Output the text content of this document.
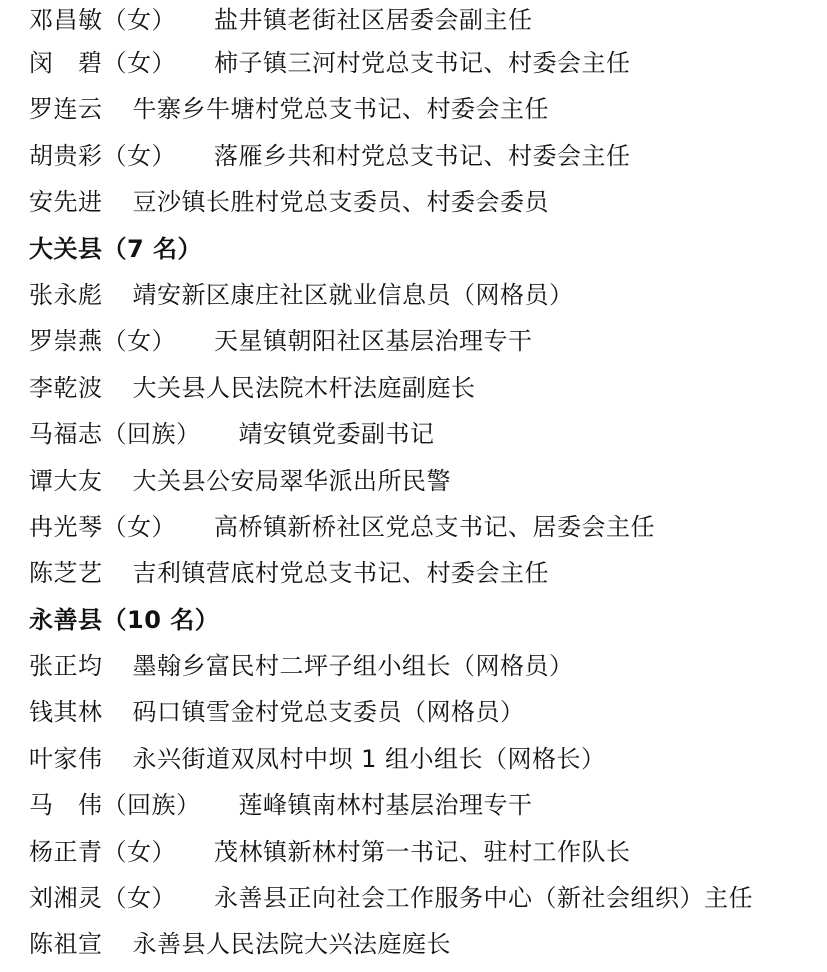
邓昌敏（女） 盐井镇老街社区居委会副主任
闵　碧（女） 柿子镇三河村党总支书记、村委会主任
罗连云 牛寨乡牛塘村党总支书记、村委会主任
胡贵彩（女） 落雁乡共和村党总支书记、村委会主任
安先进 豆沙镇长胜村党总支委员、村委会委员
大关县（7 名）
张永彪 靖安新区康庄社区就业信息员（网格员）
罗崇燕（女） 天星镇朝阳社区基层治理专干
李乾波 大关县人民法院木杆法庭副庭长
马福志（回族） 靖安镇党委副书记
谭大友 大关县公安局翠华派出所民警
冉光琴（女） 高桥镇新桥社区党总支书记、居委会主任
陈芝艺 吉利镇营底村党总支书记、村委会主任
永善县（10 名）
张正均 墨翰乡富民村二坪子组小组长（网格员）
钱其林 码口镇雪金村党总支委员（网格员）
叶家伟 永兴街道双凤村中坝 1 组小组长（网格长）
马　伟（回族） 莲峰镇南林村基层治理专干
杨正青（女） 茂林镇新林村第一书记、驻村工作队长
刘湘灵（女） 永善县正向社会工作服务中心（新社会组织）主任
陈祖宣 永善县人民法院大兴法庭庭长
